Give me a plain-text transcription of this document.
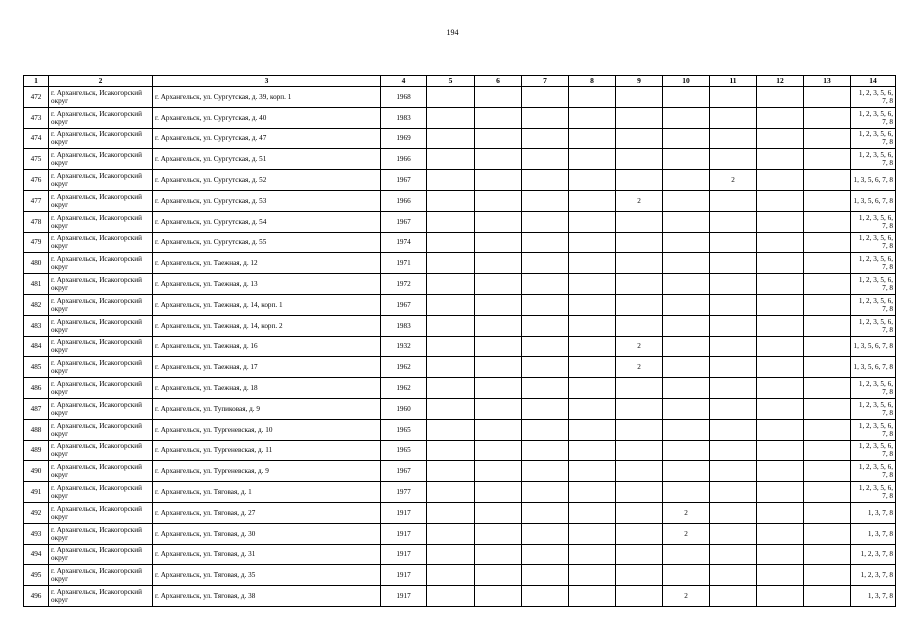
194
1	2	3	4	5	6	7	8	9	10	11	12	13	14
472	г. Архангельск, Исакогорский округ	г. Архангельск, ул. Сургутская, д. 39, корп. 1	1968										1, 2, 3, 5, 6, 7, 8
473	г. Архангельск, Исакогорский округ	г. Архангельск, ул. Сургутская, д. 40	1983										1, 2, 3, 5, 6, 7, 8
474	г. Архангельск, Исакогорский округ	г. Архангельск, ул. Сургутская, д. 47	1969										1, 2, 3, 5, 6, 7, 8
475	г. Архангельск, Исакогорский округ	г. Архангельск, ул. Сургутская, д. 51	1966										1, 2, 3, 5, 6, 7, 8
476	г. Архангельск, Исакогорский округ	г. Архангельск, ул. Сургутская, д. 52	1967							2			1, 3, 5, 6, 7, 8
477	г. Архангельск, Исакогорский округ	г. Архангельск, ул. Сургутская, д. 53	1966					2					1, 3, 5, 6, 7, 8
478	г. Архангельск, Исакогорский округ	г. Архангельск, ул. Сургутская, д. 54	1967										1, 2, 3, 5, 6, 7, 8
479	г. Архангельск, Исакогорский округ	г. Архангельск, ул. Сургутская, д. 55	1974										1, 2, 3, 5, 6, 7, 8
480	г. Архангельск, Исакогорский округ	г. Архангельск, ул. Таежная, д. 12	1971										1, 2, 3, 5, 6, 7, 8
481	г. Архангельск, Исакогорский округ	г. Архангельск, ул. Таежная, д. 13	1972										1, 2, 3, 5, 6, 7, 8
482	г. Архангельск, Исакогорский округ	г. Архангельск, ул. Таежная, д. 14, корп. 1	1967										1, 2, 3, 5, 6, 7, 8
483	г. Архангельск, Исакогорский округ	г. Архангельск, ул. Таежная, д. 14, корп. 2	1983										1, 2, 3, 5, 6, 7, 8
484	г. Архангельск, Исакогорский округ	г. Архангельск, ул. Таежная, д. 16	1932					2					1, 3, 5, 6, 7, 8
485	г. Архангельск, Исакогорский округ	г. Архангельск, ул. Таежная, д. 17	1962					2					1, 3, 5, 6, 7, 8
486	г. Архангельск, Исакогорский округ	г. Архангельск, ул. Таежная, д. 18	1962										1, 2, 3, 5, 6, 7, 8
487	г. Архангельск, Исакогорский округ	г. Архангельск, ул. Тупиковая, д. 9	1960										1, 2, 3, 5, 6, 7, 8
488	г. Архангельск, Исакогорский округ	г. Архангельск, ул. Тургеневская, д. 10	1965										1, 2, 3, 5, 6, 7, 8
489	г. Архангельск, Исакогорский округ	г. Архангельск, ул. Тургеневская, д. 11	1965										1, 2, 3, 5, 6, 7, 8
490	г. Архангельск, Исакогорский округ	г. Архангельск, ул. Тургеневская, д. 9	1967										1, 2, 3, 5, 6, 7, 8
491	г. Архангельск, Исакогорский округ	г. Архангельск, ул. Тяговая, д. 1	1977										1, 2, 3, 5, 6, 7, 8
492	г. Архангельск, Исакогорский округ	г. Архангельск, ул. Тяговая, д. 27	1917						2				1, 3, 7, 8
493	г. Архангельск, Исакогорский округ	г. Архангельск, ул. Тяговая, д. 30	1917						2				1, 3, 7, 8
494	г. Архангельск, Исакогорский округ	г. Архангельск, ул. Тяговая, д. 31	1917										1, 2, 3, 7, 8
495	г. Архангельск, Исакогорский округ	г. Архангельск, ул. Тяговая, д. 35	1917										1, 2, 3, 7, 8
496	г. Архангельск, Исакогорский округ	г. Архангельск, ул. Тяговая, д. 38	1917						2				1, 3, 7, 8
